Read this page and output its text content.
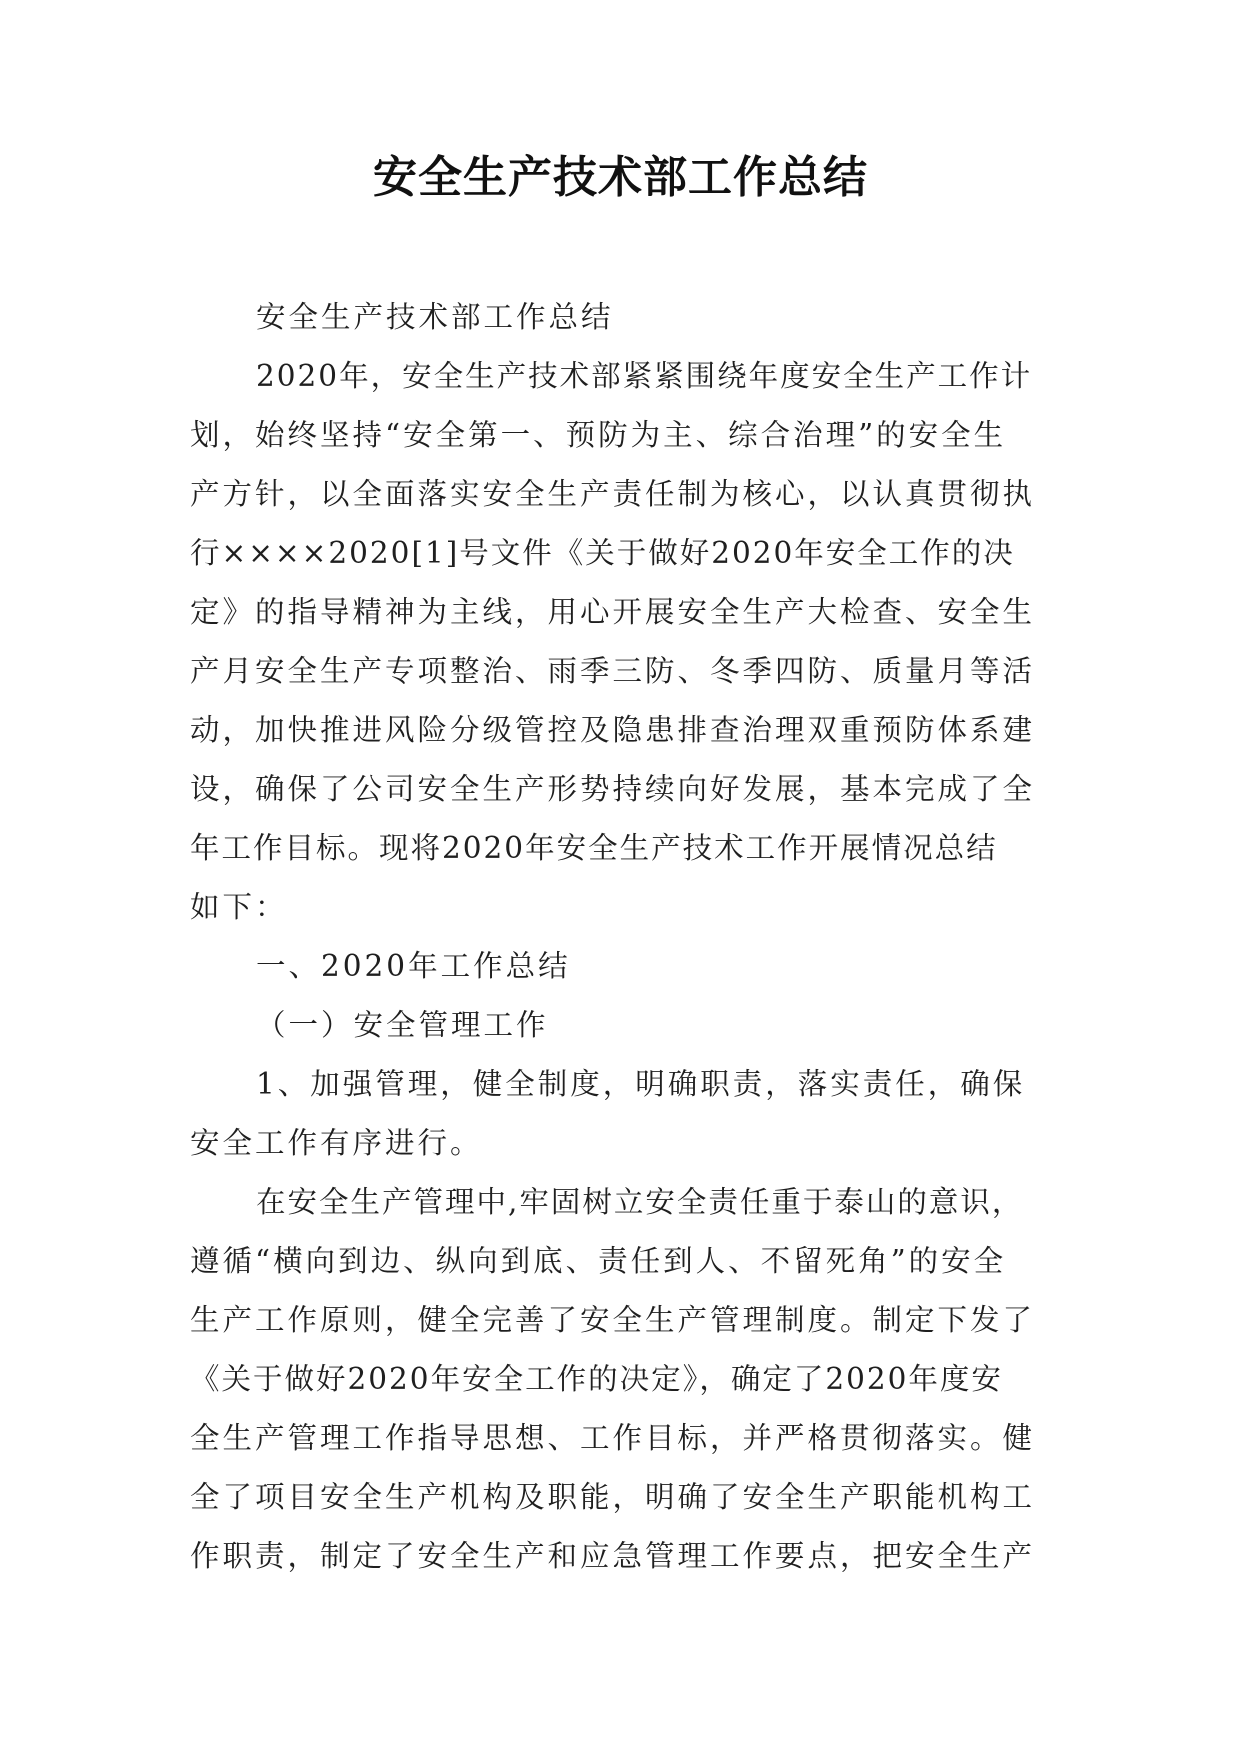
安全生产技术部工作总结
安全生产技术部工作总结
2020年，安全生产技术部紧紧围绕年度安全生产工作计
划，始终坚持“安全第一、预防为主、综合治理”的安全生
产方针，以全面落实安全生产责任制为核心，以认真贯彻执
行××××2020[1]号文件《关于做好2020年安全工作的决
定》的指导精神为主线，用心开展安全生产大检查、安全生
产月安全生产专项整治、雨季三防、冬季四防、质量月等活
动，加快推进风险分级管控及隐患排查治理双重预防体系建
设，确保了公司安全生产形势持续向好发展，基本完成了全
年工作目标。现将2020年安全生产技术工作开展情况总结
如下：
一、2020年工作总结
（一）安全管理工作
1、加强管理，健全制度，明确职责，落实责任，确保
安全工作有序进行。
在安全生产管理中,牢固树立安全责任重于泰山的意识，
遵循“横向到边、纵向到底、责任到人、不留死角”的安全
生产工作原则，健全完善了安全生产管理制度。制定下发了
《关于做好2020年安全工作的决定》，确定了2020年度安
全生产管理工作指导思想、工作目标，并严格贯彻落实。健
全了项目安全生产机构及职能，明确了安全生产职能机构工
作职责，制定了安全生产和应急管理工作要点，把安全生产
